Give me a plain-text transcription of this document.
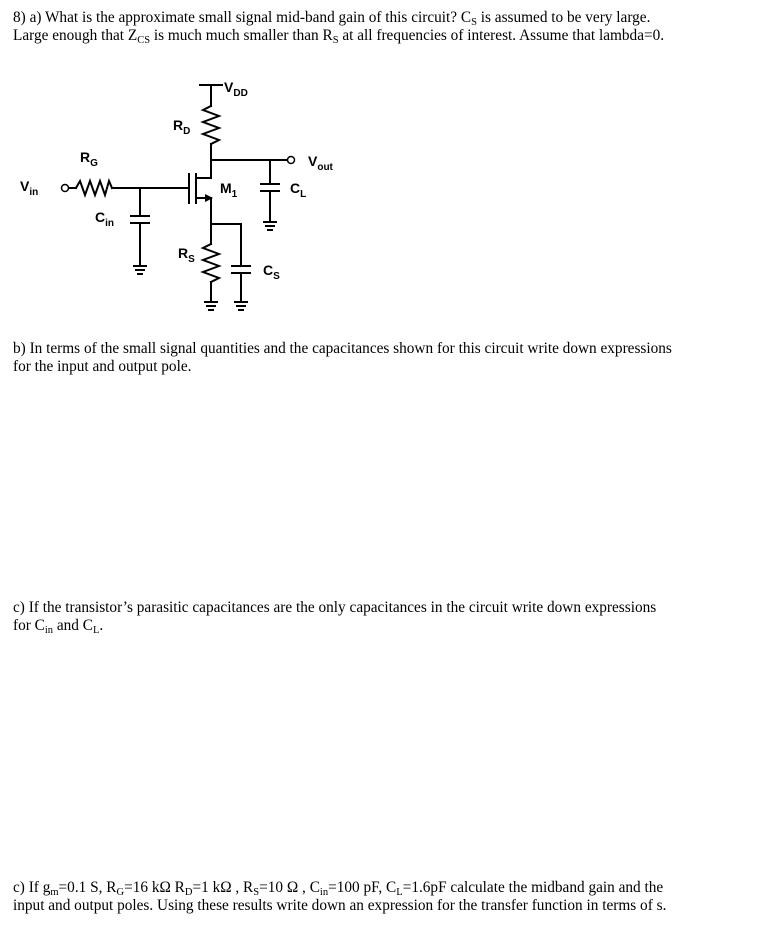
8) a) What is the approximate small signal mid-band gain of this circuit? $C_S$ is assumed to be very large.
Large enough that $Z_{CS}$ is much much smaller than $R_S$ at all frequencies of interest. Assume that lambda=0.
$V_{DD}$
$R_D$
$R_G$	$V_{out}$
$V_{in}$	$M_1$	$C_L$
$C_{in}$
$R_S$
$C_S$
b) In terms of the small signal quantities and the capacitances shown for this circuit write down expressions
for the input and output pole.
c) If the transistor’s parasitic capacitances are the only capacitances in the circuit write down expressions
for $C_{in}$ and $C_L$.
c) If $g_m=0.1$ S, $R_G=16$ kΩ $R_D=1$ kΩ , $R_S=10$ Ω , $C_{in}=100$ pF, $C_L=1.6pF$ calculate the midband gain and the
input and output poles. Using these results write down an expression for the transfer function in terms of s.
